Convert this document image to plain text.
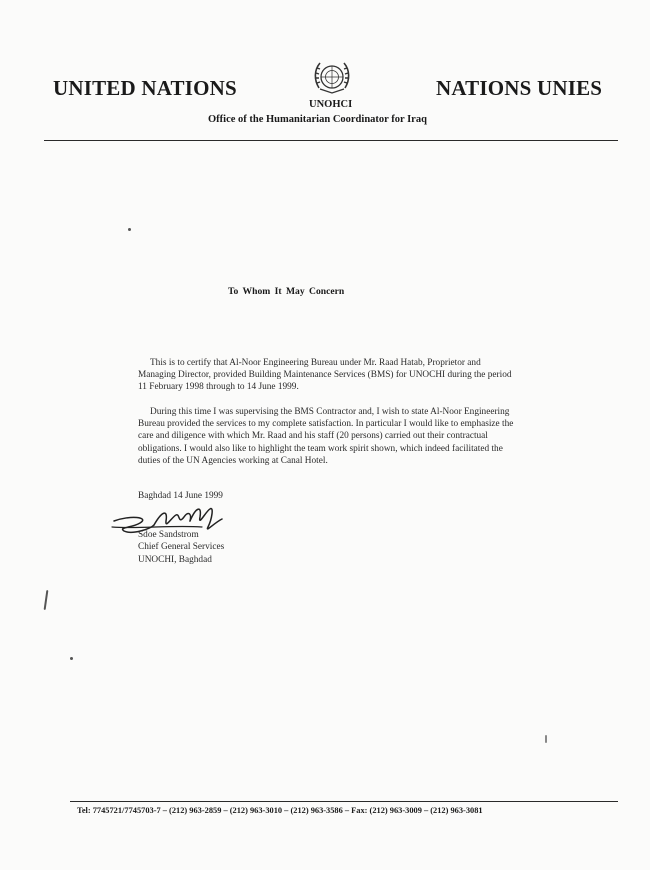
UNITED NATIONS	NATIONS UNIES
UNOHCI
Office of the Humanitarian Coordinator for Iraq
To Whom It May Concern
This is to certify that Al-Noor Engineering Bureau under Mr. Raad Hatab, Proprietor and
Managing Director, provided Building Maintenance Services (BMS) for UNOCHI during the period
11 February 1998 through to 14 June 1999.
During this time I was supervising the BMS Contractor and, I wish to state Al-Noor Engineering
Bureau provided the services to my complete satisfaction. In particular I would like to emphasize the
care and diligence with which Mr. Raad and his staff (20 persons) carried out their contractual
obligations. I would also like to highlight the team work spirit shown, which indeed facilitated the
duties of the UN Agencies working at Canal Hotel.
Baghdad 14 June 1999
Sdoe Sandstrom
Chief General Services
UNOCHI, Baghdad
Tel: 7745721/7745703-7 – (212) 963-2859 – (212) 963-3010 – (212) 963-3586 – Fax: (212) 963-3009 – (212) 963-3081
